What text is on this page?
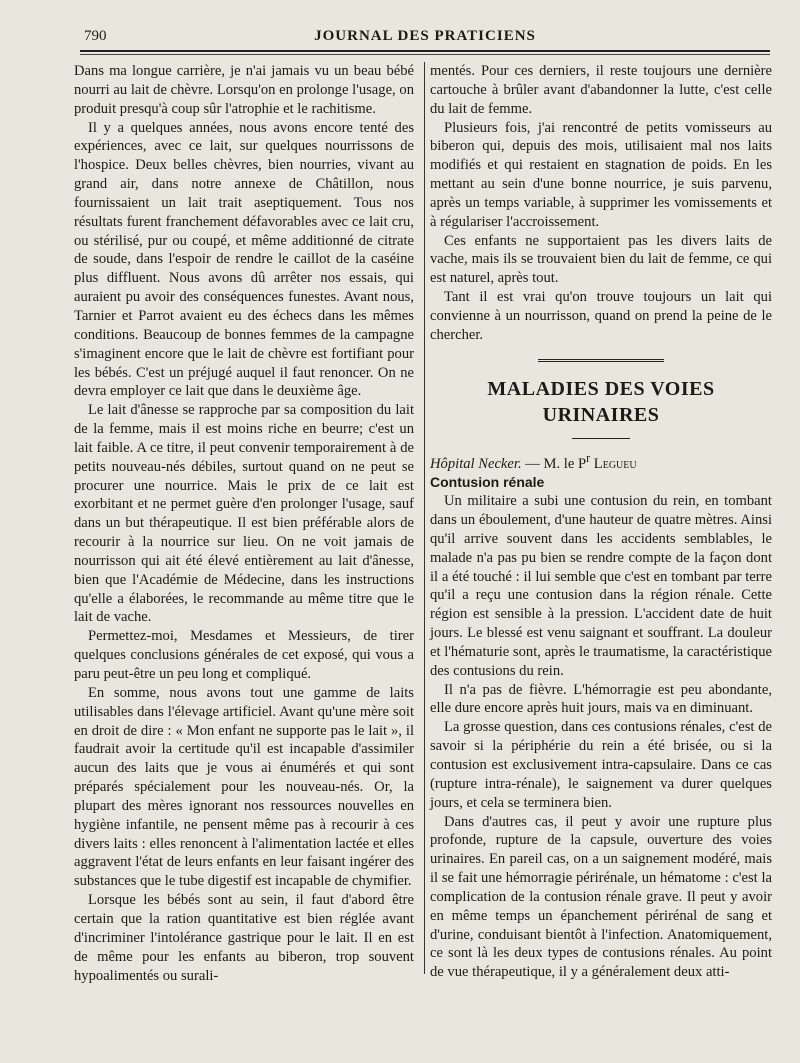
790	JOURNAL DES PRATICIENS

Dans ma longue carrière, je n'ai jamais vu un beau bébé nourri au lait de chèvre. Lorsqu'on en prolonge l'usage, on produit presqu'à coup sûr l'atrophie et le rachitisme.

Il y a quelques années, nous avons encore tenté des expériences, avec ce lait, sur quelques nourrissons de l'hospice. Deux belles chèvres, bien nourries, vivant au grand air, dans notre annexe de Châtillon, nous fournissaient un lait trait aseptiquement. Tous nos résultats furent franchement défavorables avec ce lait cru, ou stérilisé, pur ou coupé, et même additionné de citrate de soude, dans l'espoir de rendre le caillot de la caséine plus diffluent. Nous avons dû arrêter nos essais, qui auraient pu avoir des conséquences funestes. Avant nous, Tarnier et Parrot avaient eu des échecs dans les mêmes conditions. Beaucoup de bonnes femmes de la campagne s'imaginent encore que le lait de chèvre est fortifiant pour les bébés. C'est un préjugé auquel il faut renoncer. On ne devra employer ce lait que dans le deuxième âge.

Le lait d'ânesse se rapproche par sa composition du lait de la femme, mais il est moins riche en beurre; c'est un lait faible. A ce titre, il peut convenir temporairement à de petits nouveau-nés débiles, surtout quand on ne peut se procurer une nourrice. Mais le prix de ce lait est exorbitant et ne permet guère d'en prolonger l'usage, sauf dans un but thérapeutique. Il est bien préférable alors de recourir à la nourrice sur lieu. On ne voit jamais de nourrisson qui ait été élevé entièrement au lait d'ânesse, bien que l'Académie de Médecine, dans les instructions qu'elle a élaborées, le recommande au même titre que le lait de vache.

Permettez-moi, Mesdames et Messieurs, de tirer quelques conclusions générales de cet exposé, qui vous a paru peut-être un peu long et compliqué.

En somme, nous avons tout une gamme de laits utilisables dans l'élevage artificiel. Avant qu'une mère soit en droit de dire : « Mon enfant ne supporte pas le lait », il faudrait avoir la certitude qu'il est incapable d'assimiler aucun des laits que je vous ai énumérés et qui sont préparés spécialement pour les nouveau-nés. Or, la plupart des mères ignorant nos ressources nouvelles en hygiène infantile, ne pensent même pas à recourir à ces divers laits : elles renoncent à l'alimentation lactée et elles aggravent l'état de leurs enfants en leur faisant ingérer des substances que le tube digestif est incapable de chymifier.

Lorsque les bébés sont au sein, il faut d'abord être certain que la ration quantitative est bien réglée avant d'incriminer l'intolérance gastrique pour le lait. Il en est de même pour les enfants au biberon, trop souvent hypoalimentés ou surali-

mentés. Pour ces derniers, il reste toujours une dernière cartouche à brûler avant d'abandonner la lutte, c'est celle du lait de femme.

Plusieurs fois, j'ai rencontré de petits vomisseurs au biberon qui, depuis des mois, utilisaient mal nos laits modifiés et qui restaient en stagnation de poids. En les mettant au sein d'une bonne nourrice, je suis parvenu, après un temps variable, à supprimer les vomissements et à régulariser l'accroissement.

Ces enfants ne supportaient pas les divers laits de vache, mais ils se trouvaient bien du lait de femme, ce qui est naturel, après tout.

Tant il est vrai qu'on trouve toujours un lait qui convienne à un nourrisson, quand on prend la peine de le chercher.

MALADIES DES VOIES URINAIRES

Hôpital Necker. — M. le $P^r$ Legueu

Contusion rénale

Un militaire a subi une contusion du rein, en tombant dans un éboulement, d'une hauteur de quatre mètres. Ainsi qu'il arrive souvent dans les accidents semblables, le malade n'a pas pu bien se rendre compte de la façon dont il a été touché : il lui semble que c'est en tombant par terre qu'il a reçu une contusion dans la région rénale. Cette région est sensible à la pression. L'accident date de huit jours. Le blessé est venu saignant et souffrant. La douleur et l'hématurie sont, après le traumatisme, la caractéristique des contusions du rein.

Il n'a pas de fièvre. L'hémorragie est peu abondante, elle dure encore après huit jours, mais va en diminuant.

La grosse question, dans ces contusions rénales, c'est de savoir si la périphérie du rein a été brisée, ou si la contusion est exclusivement intra-capsulaire. Dans ce cas (rupture intra-rénale), le saignement va durer quelques jours, et cela se terminera bien.

Dans d'autres cas, il peut y avoir une rupture plus profonde, rupture de la capsule, ouverture des voies urinaires. En pareil cas, on a un saignement modéré, mais il se fait une hémorragie périrénale, un hématome : c'est la complication de la contusion rénale grave. Il peut y avoir en même temps un épanchement périrénal de sang et d'urine, conduisant bientôt à l'infection. Anatomiquement, ce sont là les deux types de contusions rénales. Au point de vue thérapeutique, il y a généralement deux atti-
